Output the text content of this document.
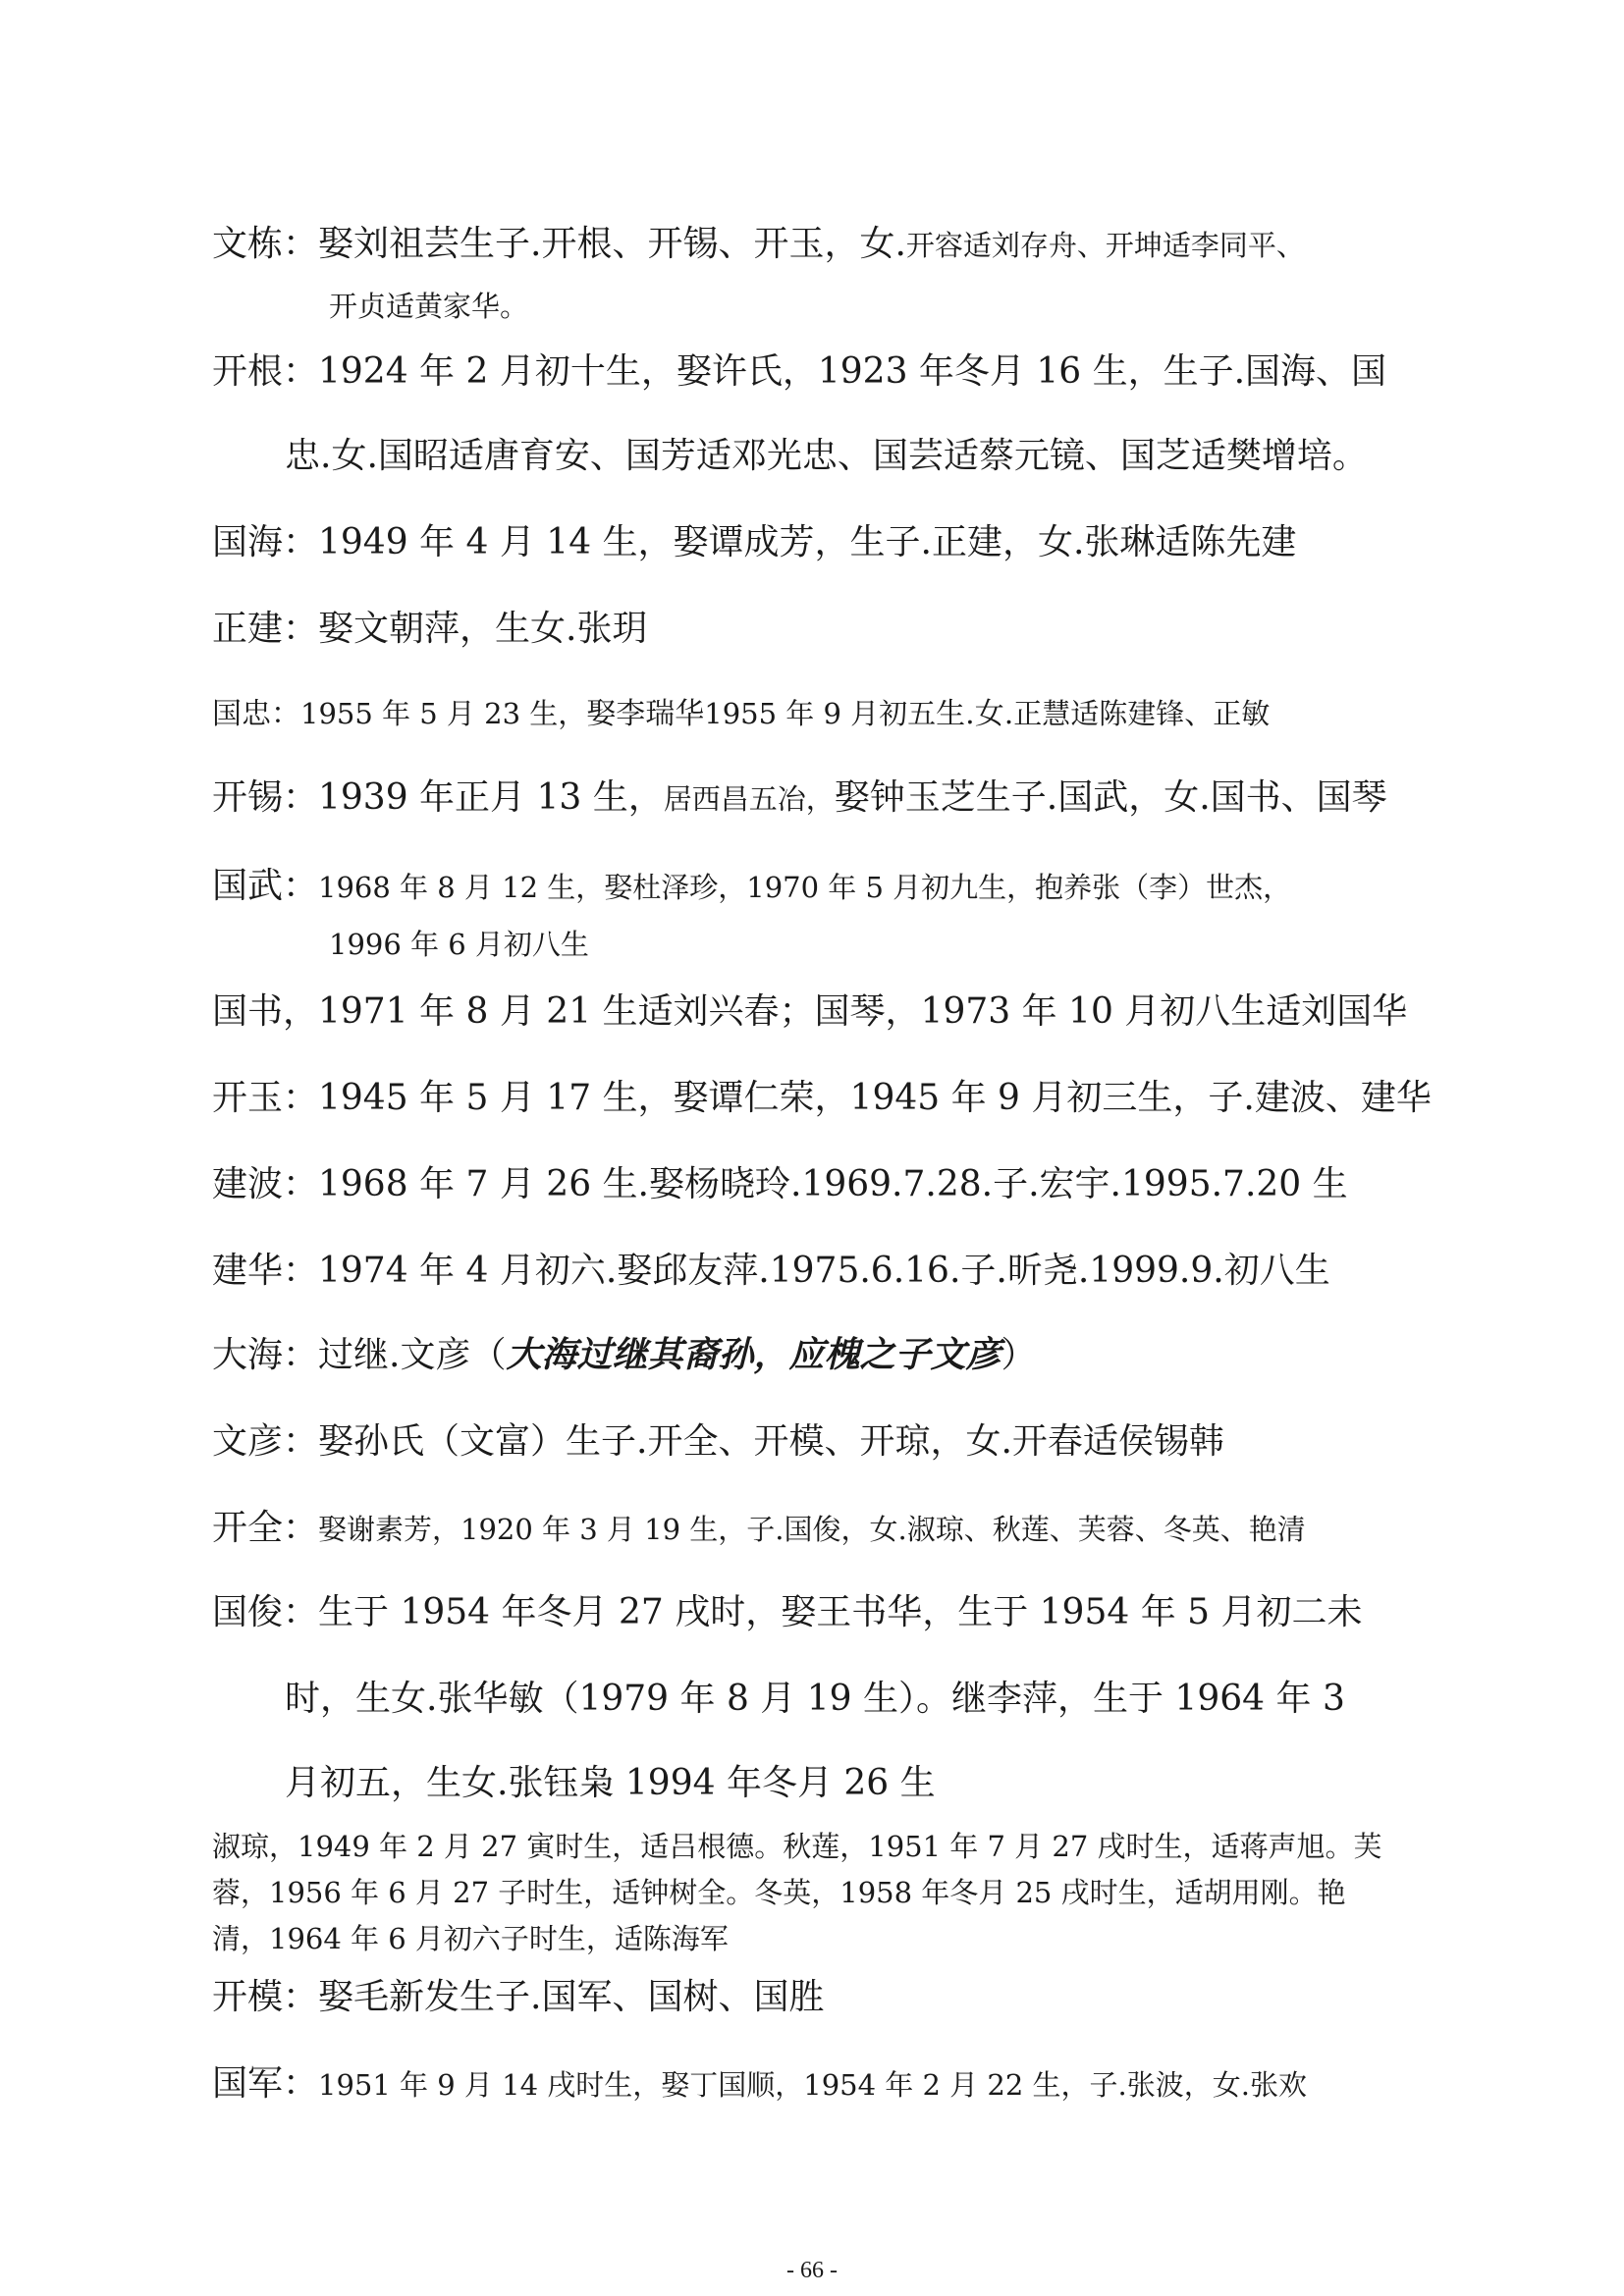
文栋：娶刘祖芸生子.开根、开锡、开玉，女.开容适刘存舟、开坤适李同平、
开贞适黄家华。
开根：1924 年 2 月初十生，娶许氏，1923 年冬月 16 生，生子.国海、国
忠.女.国昭适唐育安、国芳适邓光忠、国芸适蔡元镜、国芝适樊增培。
国海：1949 年 4 月 14 生，娶谭成芳，生子.正建，女.张琳适陈先建
正建：娶文朝萍，生女.张玥
国忠：1955 年 5 月 23 生，娶李瑞华1955 年 9 月初五生.女.正慧适陈建锋、正敏
开锡：1939 年正月 13 生，居西昌五冶，娶钟玉芝生子.国武，女.国书、国琴
国武：1968 年 8 月 12 生，娶杜泽珍，1970 年 5 月初九生，抱养张（李）世杰，
1996 年 6 月初八生
国书，1971 年 8 月 21 生适刘兴春；国琴，1973 年 10 月初八生适刘国华
开玉：1945 年 5 月 17 生，娶谭仁荣，1945 年 9 月初三生，子.建波、建华
建波：1968 年 7 月 26 生.娶杨晓玲.1969.7.28.子.宏宇.1995.7.20 生
建华：1974 年 4 月初六.娶邱友萍.1975.6.16.子.昕尧.1999.9.初八生
大海：过继.文彦（大海过继其裔孙，应槐之子文彦）
文彦：娶孙氏（文富）生子.开全、开模、开琼，女.开春适侯锡韩
开全：娶谢素芳，1920 年 3 月 19 生，子.国俊，女.淑琼、秋莲、芙蓉、冬英、艳清
国俊：生于 1954 年冬月 27 戌时，娶王书华，生于 1954 年 5 月初二未
时，生女.张华敏（1979 年 8 月 19 生）。继李萍，生于 1964 年 3
月初五，生女.张钰枭 1994 年冬月 26 生
淑琼，1949 年 2 月 27 寅时生，适吕根德。秋莲，1951 年 7 月 27 戌时生，适蒋声旭。芙蓉，1956 年 6 月 27 子时生，适钟树全。冬英，1958 年冬月 25 戌时生，适胡用刚。艳清，1964 年 6 月初六子时生，适陈海军
开模：娶毛新发生子.国军、国树、国胜
国军：1951 年 9 月 14 戌时生，娶丁国顺，1954 年 2 月 22 生，子.张波，女.张欢
- 66 -
